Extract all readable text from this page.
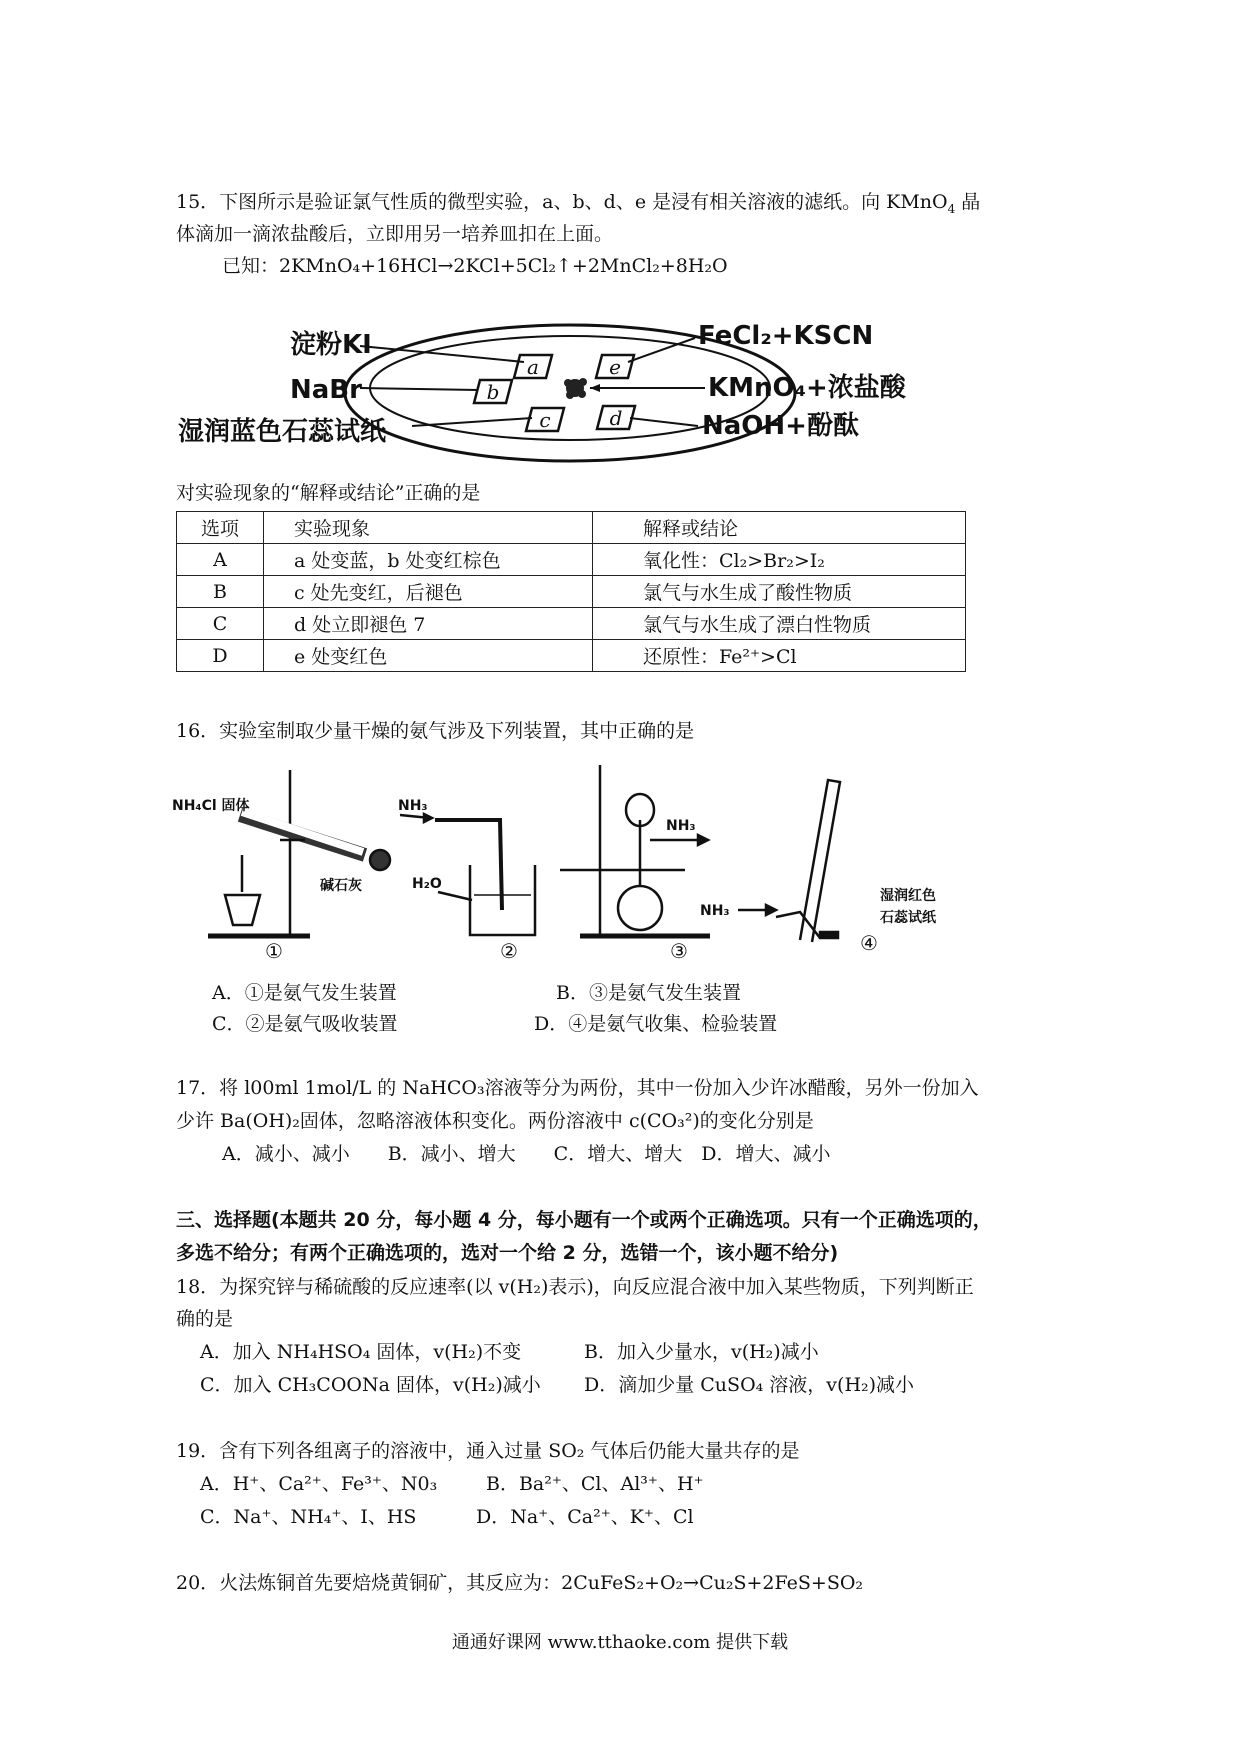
15．下图所示是验证氯气性质的微型实验，a、b、d、e 是浸有相关溶液的滤纸。向 KMnO$_4$ 晶
体滴加一滴浓盐酸后，立即用另一培养皿扣在上面。
已知：2KMnO₄+16HCl→2KCl+5Cl₂↑+2MnCl₂+8H₂O
a
b
c	d
e
淀粉KI
NaBr
湿润蓝色石蕊试纸
FeCl₂+KSCN
KMnO₄+浓盐酸
NaOH+酚酞
对实验现象的“解释或结论”正确的是
选项	实验现象	解释或结论
A	a 处变蓝，b 处变红棕色	氧化性：Cl₂>Br₂>I₂
B	c 处先变红，后褪色	氯气与水生成了酸性物质
C	d 处立即褪色 7	氯气与水生成了漂白性物质
D	e 处变红色	还原性：Fe²⁺>Cl
16．实验室制取少量干燥的氨气涉及下列装置，其中正确的是
NH₄Cl 固体
碱石灰
NH₃
H₂O
NH₃
NH₃
湿润红色
石蕊试纸
①	②	③	④
A．①是氨气发生装置	B．③是氨气发生装置
C．②是氨气吸收装置	D．④是氨气收集、检验装置
17．将 l00ml 1mol/L 的 NaHCO₃溶液等分为两份，其中一份加入少许冰醋酸，另外一份加入
少许 Ba(OH)₂固体，忽略溶液体积变化。两份溶液中 c(CO₃²)的变化分别是
A．减小、减小　　B．减小、增大　　C．增大、增大　D．增大、减小
三、选择题(本题共 20 分，每小题 4 分，每小题有一个或两个正确选项。只有一个正确选项的，
多选不给分；有两个正确选项的，选对一个给 2 分，选错一个，该小题不给分)
18．为探究锌与稀硫酸的反应速率(以 v(H₂)表示)，向反应混合液中加入某些物质，下列判断正
确的是
A．加入 NH₄HSO₄ 固体，v(H₂)不变	B．加入少量水，v(H₂)减小
C．加入 CH₃COONa 固体，v(H₂)减小 D．滴加少量 CuSO₄ 溶液，v(H₂)减小
19．含有下列各组离子的溶液中，通入过量 SO₂ 气体后仍能大量共存的是
A．H⁺、Ca²⁺、Fe³⁺、N0₃	B．Ba²⁺、Cl、Al³⁺、H⁺
C．Na⁺、NH₄⁺、I、HS	D．Na⁺、Ca²⁺、K⁺、Cl
20．火法炼铜首先要焙烧黄铜矿，其反应为：2CuFeS₂+O₂→Cu₂S+2FeS+SO₂
通通好课网 www.tthaoke.com 提供下载
